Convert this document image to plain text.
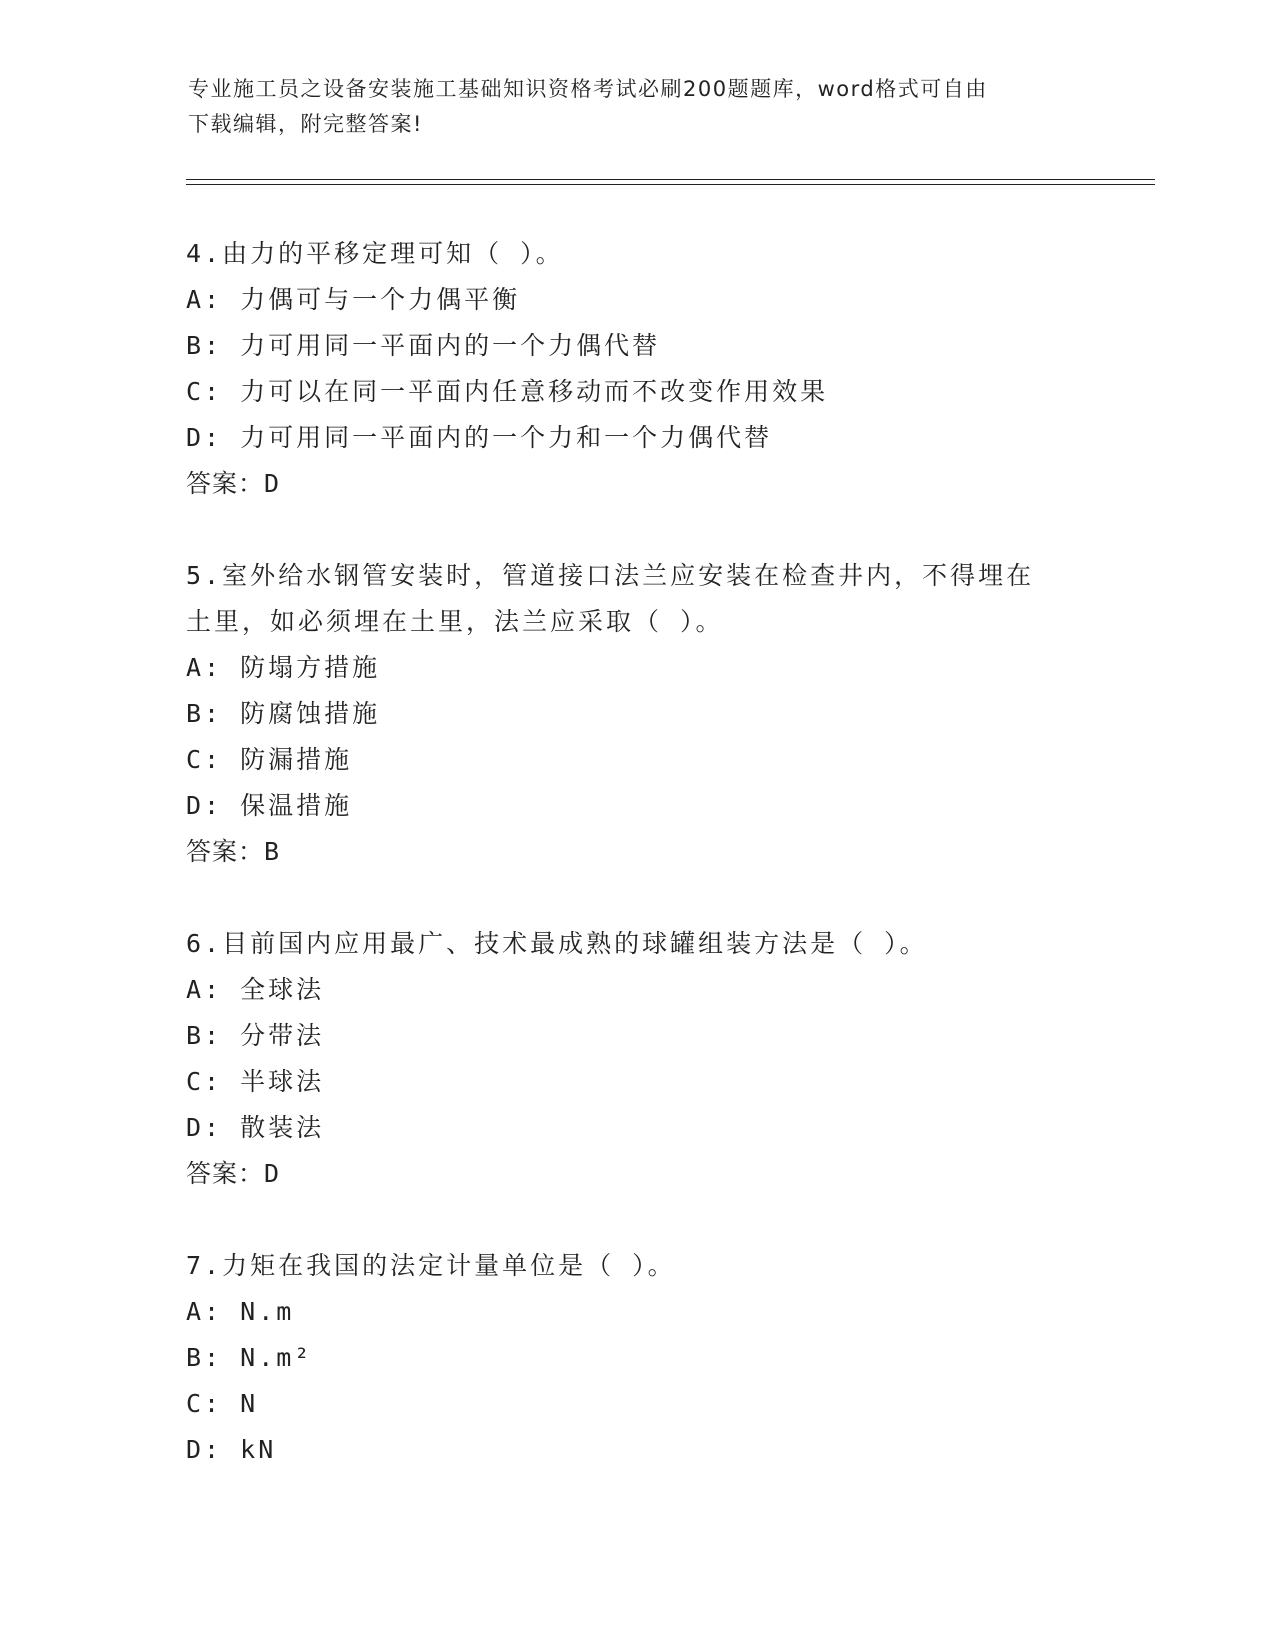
专业施工员之设备安装施工基础知识资格考试必刷200题题库，word格式可自由
下载编辑，附完整答案!
4.由力的平移定理可知（ ）。
A: 力偶可与一个力偶平衡
B: 力可用同一平面内的一个力偶代替
C: 力可以在同一平面内任意移动而不改变作用效果
D: 力可用同一平面内的一个力和一个力偶代替
答案：D
5.室外给水钢管安装时，管道接口法兰应安装在检查井内，不得埋在
土里，如必须埋在土里，法兰应采取（ ）。
A: 防塌方措施
B: 防腐蚀措施
C: 防漏措施
D: 保温措施
答案：B
6.目前国内应用最广、技术最成熟的球罐组装方法是（ ）。
A: 全球法
B: 分带法
C: 半球法
D: 散装法
答案：D
7.力矩在我国的法定计量单位是（ ）。
A: N.m
B: N.m²
C: N
D: kN
